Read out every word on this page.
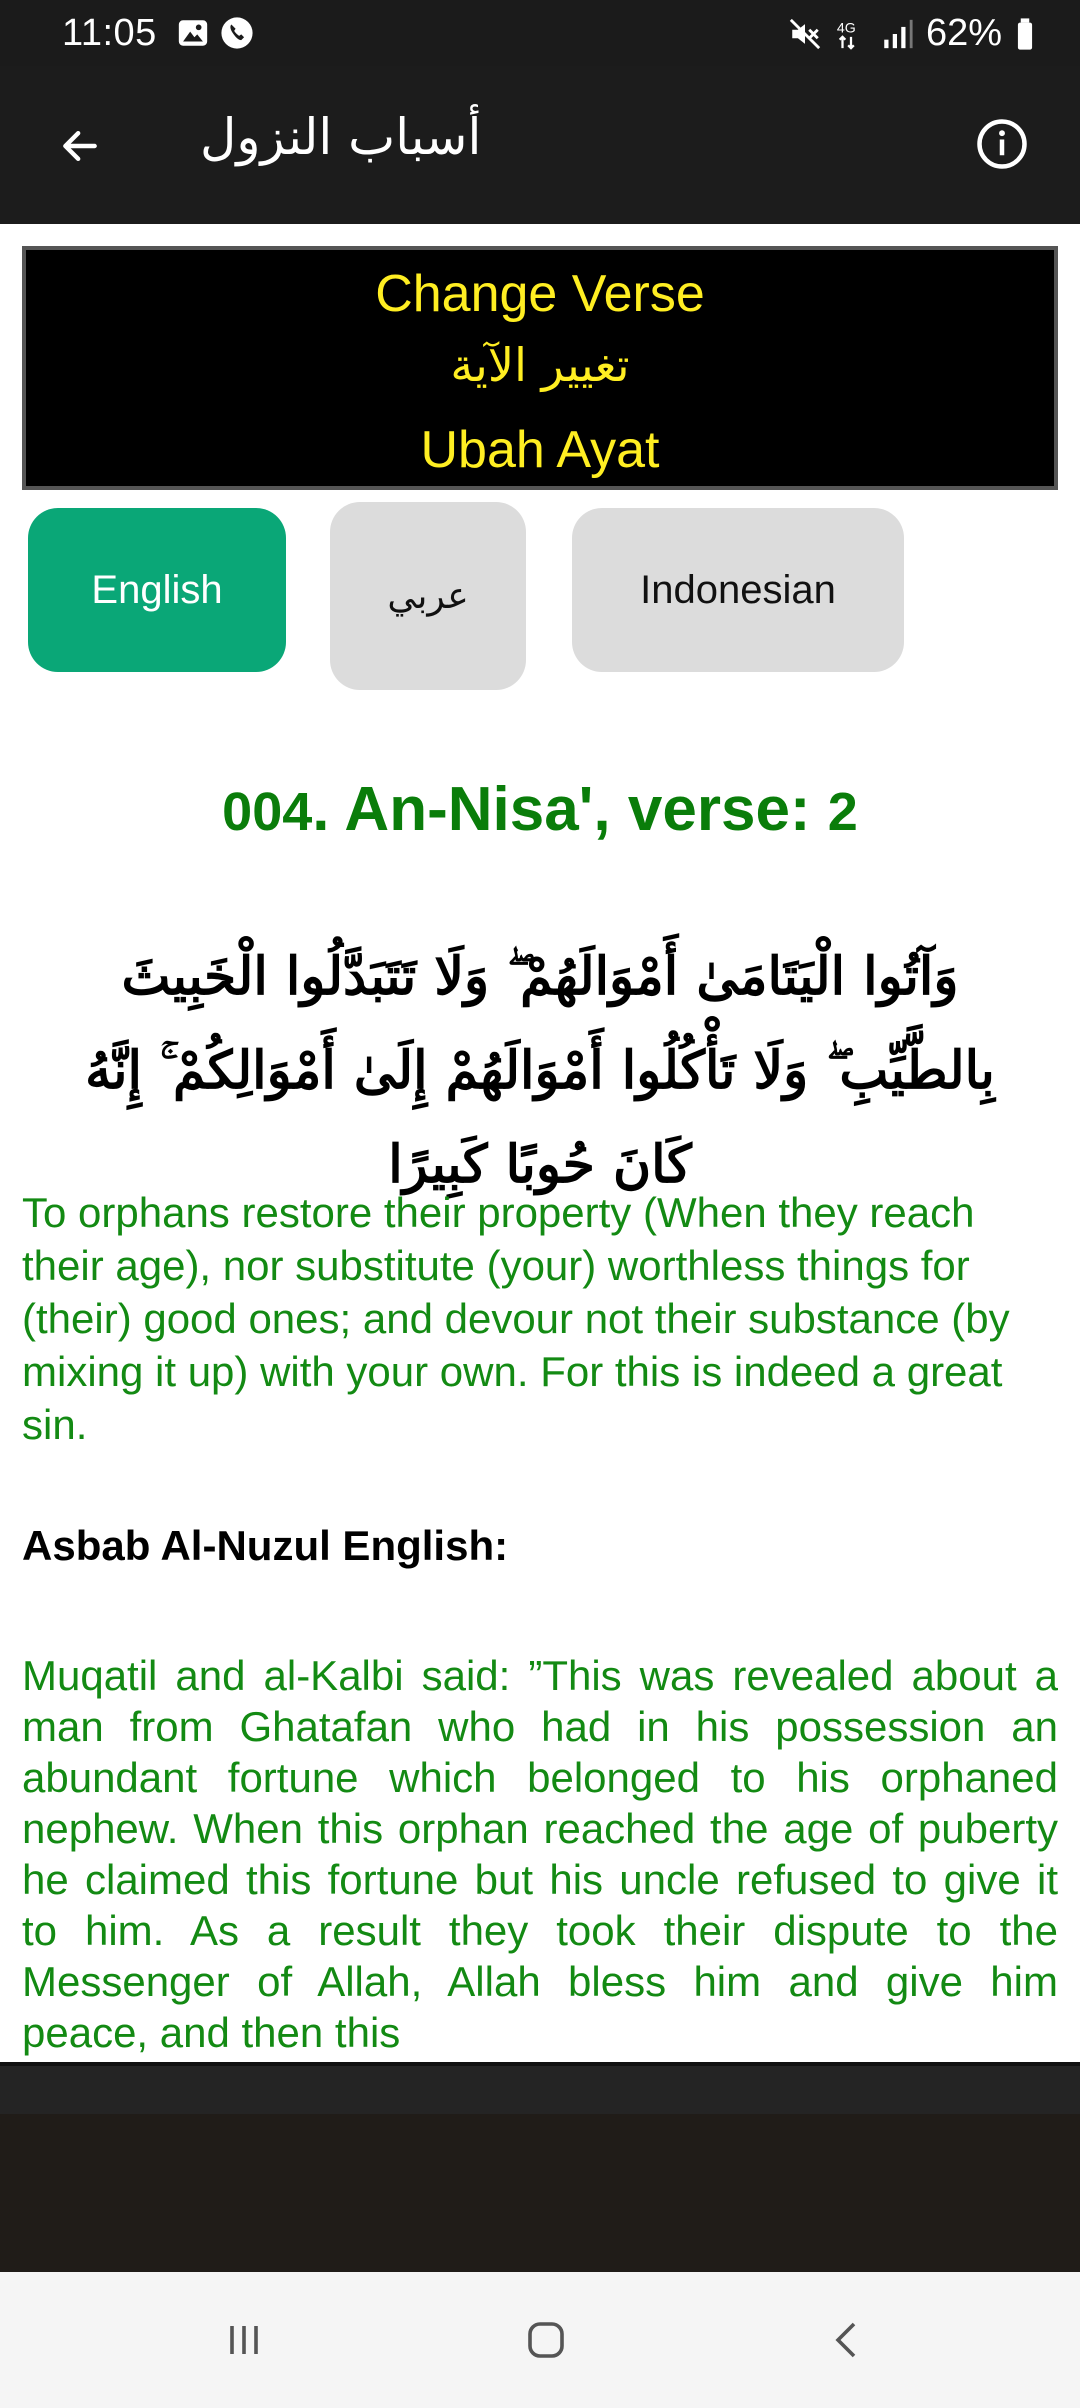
11:05	4G 62%
أسباب النزول
Change Verse
تغيير الآية
Ubah Ayat
English	عربي	Indonesian
004. An-Nisa', verse: 2
وَآتُوا الْيَتَامَىٰ أَمْوَالَهُمْ ۖ وَلَا تَتَبَدَّلُوا الْخَبِيثَ بِالطَّيِّبِ ۖ وَلَا تَأْكُلُوا أَمْوَالَهُمْ إِلَىٰ أَمْوَالِكُمْ ۚ إِنَّهُ كَانَ حُوبًا كَبِيرًا
To orphans restore their property (When they reach their age), nor substitute (your) worthless things for (their) good ones; and devour not their substance (by mixing it up) with your own. For this is indeed a great sin.
Asbab Al-Nuzul English:
Muqatil and al-Kalbi said: ”This was revealed about a man from Ghatafan who had in his possession an abundant fortune which belonged to his orphaned nephew. When this orphan reached the age of puberty he claimed this fortune but his uncle refused to give it to him. As a result they took their dispute to the Messenger of Allah, Allah bless him and give him peace, and then this
